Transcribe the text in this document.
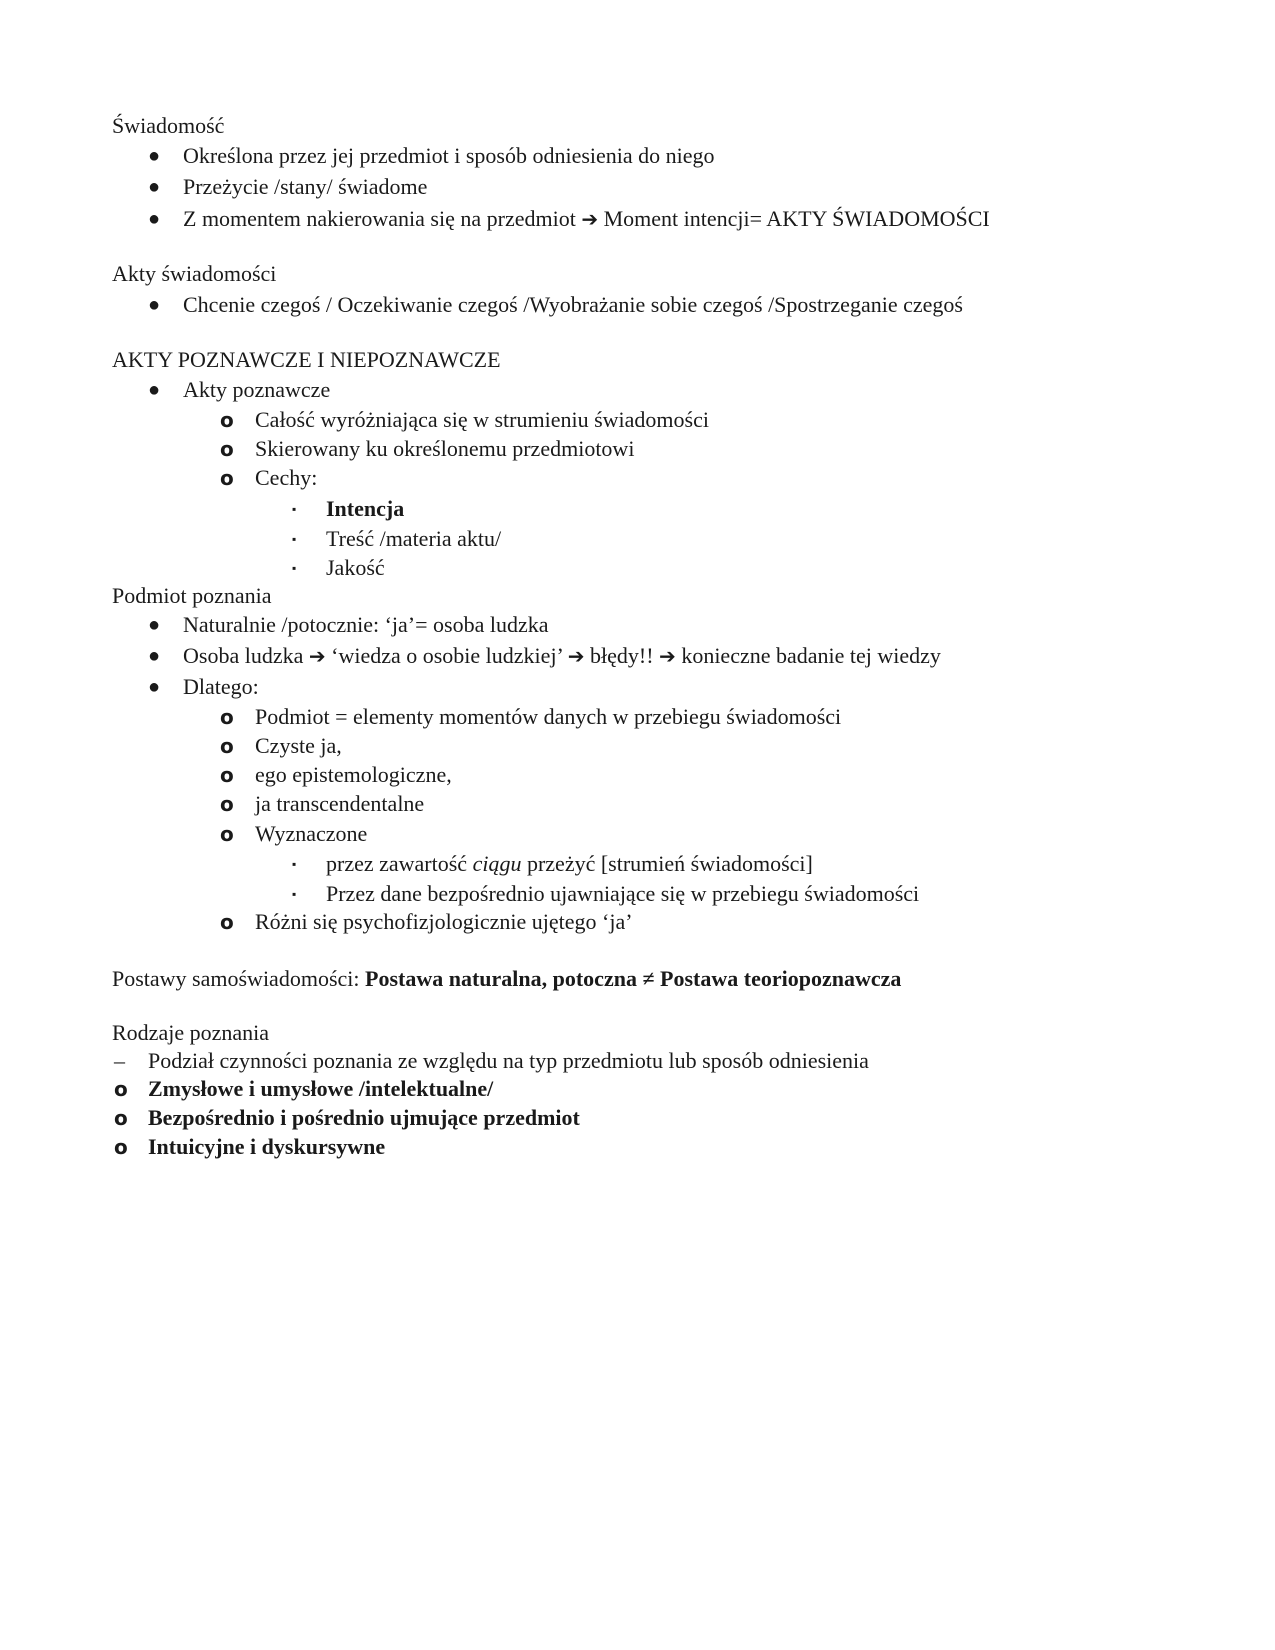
Świadomość
● Określona przez jej przedmiot i sposób odniesienia do niego
● Przeżycie /stany/ świadome
● Z momentem nakierowania się na przedmiot ➔ Moment intencji= AKTY ŚWIADOMOŚCI
Akty świadomości
● Chcenie czegoś / Oczekiwanie czegoś /Wyobrażanie sobie czegoś /Spostrzeganie czegoś
AKTY POZNAWCZE I NIEPOZNAWCZE
● Akty poznawcze
o Całość wyróżniająca się w strumieniu świadomości
o Skierowany ku określonemu przedmiotowi
o Cechy:
▪ Intencja
▪ Treść /materia aktu/
▪ Jakość
Podmiot poznania
● Naturalnie /potocznie: ‘ja’= osoba ludzka
● Osoba ludzka ➔ ‘wiedza o osobie ludzkiej’ ➔ błędy!! ➔ konieczne badanie tej wiedzy
● Dlatego:
o Podmiot = elementy momentów danych w przebiegu świadomości
o Czyste ja,
o ego epistemologiczne,
o ja transcendentalne
o Wyznaczone
▪ przez zawartość ciągu przeżyć [strumień świadomości]
▪ Przez dane bezpośrednio ujawniające się w przebiegu świadomości
o Różni się psychofizjologicznie ujętego ‘ja’
Postawy samoświadomości: Postawa naturalna, potoczna ≠ Postawa teoriopoznawcza
Rodzaje poznania
– Podział czynności poznania ze względu na typ przedmiotu lub sposób odniesienia
o Zmysłowe i umysłowe /intelektualne/
o Bezpośrednio i pośrednio ujmujące przedmiot
o Intuicyjne i dyskursywne
